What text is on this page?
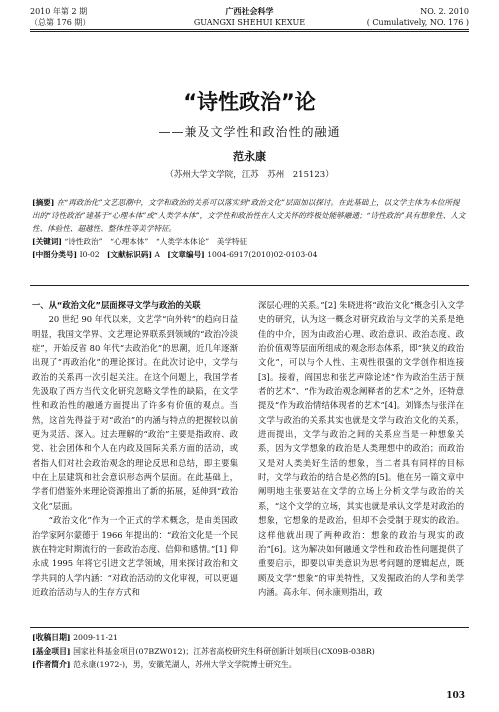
2010 年第 2 期
（总第 176 期）
广西社会科学
GUANGXI SHEHUI KEXUE
NO. 2. 2010
( Cumulatively, NO. 176 )
“诗性政治”论
——兼及文学性和政治性的融通
范永康
（苏州大学文学院，江苏　苏州　215123）
[摘要] 在“再政治化”文艺思潮中，文学和政治的关系可以落实到“政治文化”层面加以探讨。在此基础上，以文学主体为本位所提出的“诗性政治”建基于“心理本体”或“人类学本体”，文学性和政治性在人文关怀的终极处能够融通；“诗性政治”具有想象性、人文性、体验性、超越性、整体性等美学特征。
[关键词] “诗性政治”　“心理本体”　“人类学本体论”　美学特征
[中图分类号] I0-02 [文献标识码] A [文章编号] 1004-6917(2010)02-0103-04
一、从“政治文化”层面探寻文学与政治的关联

20 世纪 90 年代以来，文艺学“向外转”的趋向日益明显，我国文学界、文艺理论界联系到领域的“政治冷淡症”，开始反省 80 年代“去政治化”的思潮，近几年逐渐出现了“再政治化”的理论探讨。在此次讨论中，文学与政治的关系再一次引起关注。在这个问题上，我国学者先汲取了西方当代文化研究忽略文学性的缺陷，在文学性和政治性的融通方面提出了许多有价值的观点。当然，这首先得益于对“政治”的内涵与特点的把握较以前更为灵活、深入。过去理解的“政治”主要是指政府、政党、社会团体和个人在内政及国际关系方面的活动，或者指人们对社会政治观念的理论反思和总结，即主要集中在上层建筑和社会意识形态两个层面。在此基础上，学者们借鉴外来理论资源推出了新的拓展，延伸到“政治文化”层面。

“政治文化”作为一个正式的学术概念，是由美国政治学家阿尔蒙德于 1966 年提出的：“政治文化是一个民族在特定时期流行的一套政治态度、信仰和感情。”[1] 仰永成 1995 年将它引进文艺学领域，用来探讨政治和文学共同的人学内涵：“对政治活动的文化审视，可以更逼近政治活动与人的生存方式和

深层心理的关系。”[2] 朱晓进将“政治文化”概念引入文学史的研究，认为这一概念对研究政治与文学的关系是绝佳的中介，因为由政治心理、政治意识、政治态度、政治价值观等层面所组成的观念形态体系，即“狭义的政治文化”，可以与个人性、主观性很强的文学创作相连接[3]。接着，阎国忠和张艺声除论述“作为政治生活于预者的艺术”、“作为政治观念阐释者的艺术”之外，还特意提及“作为政治情结体现者的艺术”[4]。刘锋杰与张洋在文学与政治的关系其实也就是文学与政治文化的关系，进而提出，文学与政治之间的关系应当是一种想象关系，因为文学想象的政治是人类理想中的政治；而政治又是对人类美好生活的想象，当二者具有同样的目标时，文学与政治的结合是必然的[5]。他在另一篇文章中阐明地主张要站在文学的立场上分析文学与政治的关系，“这个文学的立场，其实也就是承认文学是对政治的想象，它想象的是政治，但却不会受制于现实的政治。这样他就出现了两种政治：想象的政治与现实的政治”[6]。这为解决如何融通文学性和政治性问题提供了重要启示，即要以审美意识为思考问题的逻辑起点，既顾及文学“想象”的审美特性，又发掘政治的人学和美学内涵。高永年、何永康则指出，政

[收稿日期] 2009-11-21
[基金项目] 国家社科基金项目(07BZW012)；江苏省高校研究生科研创新计划项目(CX09B-038R)
[作者简介] 范永康(1972-)，男，安徽芜湖人，苏州大学文学院博士研究生。
103
